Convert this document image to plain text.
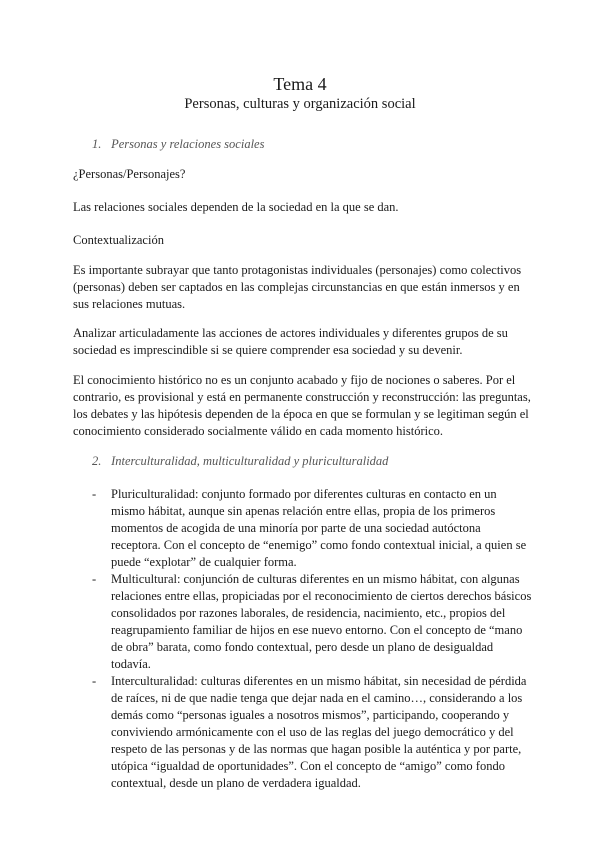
Tema 4
Personas, culturas y organización social
1. Personas y relaciones sociales
¿Personas/Personajes?
Las relaciones sociales dependen de la sociedad en la que se dan.
Contextualización
Es importante subrayar que tanto protagonistas individuales (personajes) como colectivos (personas) deben ser captados en las complejas circunstancias en que están inmersos y en sus relaciones mutuas.
Analizar articuladamente las acciones de actores individuales y diferentes grupos de su sociedad es imprescindible si se quiere comprender esa sociedad y su devenir.
El conocimiento histórico no es un conjunto acabado y fijo de nociones o saberes. Por el contrario, es provisional y está en permanente construcción y reconstrucción: las preguntas, los debates y las hipótesis dependen de la época en que se formulan y se legitiman según el conocimiento considerado socialmente válido en cada momento histórico.
2. Interculturalidad, multiculturalidad y pluriculturalidad
- Pluriculturalidad: conjunto formado por diferentes culturas en contacto en un mismo hábitat, aunque sin apenas relación entre ellas, propia de los primeros momentos de acogida de una minoría por parte de una sociedad autóctona receptora. Con el concepto de “enemigo” como fondo contextual inicial, a quien se puede “explotar” de cualquier forma.
- Multicultural: conjunción de culturas diferentes en un mismo hábitat, con algunas relaciones entre ellas, propiciadas por el reconocimiento de ciertos derechos básicos consolidados por razones laborales, de residencia, nacimiento, etc., propios del reagrupamiento familiar de hijos en ese nuevo entorno. Con el concepto de “mano de obra” barata, como fondo contextual, pero desde un plano de desigualdad todavía.
- Interculturalidad: culturas diferentes en un mismo hábitat, sin necesidad de pérdida de raíces, ni de que nadie tenga que dejar nada en el camino…, considerando a los demás como “personas iguales a nosotros mismos”, participando, cooperando y conviviendo armónicamente con el uso de las reglas del juego democrático y del respeto de las personas y de las normas que hagan posible la auténtica y por parte, utópica “igualdad de oportunidades”. Con el concepto de “amigo” como fondo contextual, desde un plano de verdadera igualdad.
